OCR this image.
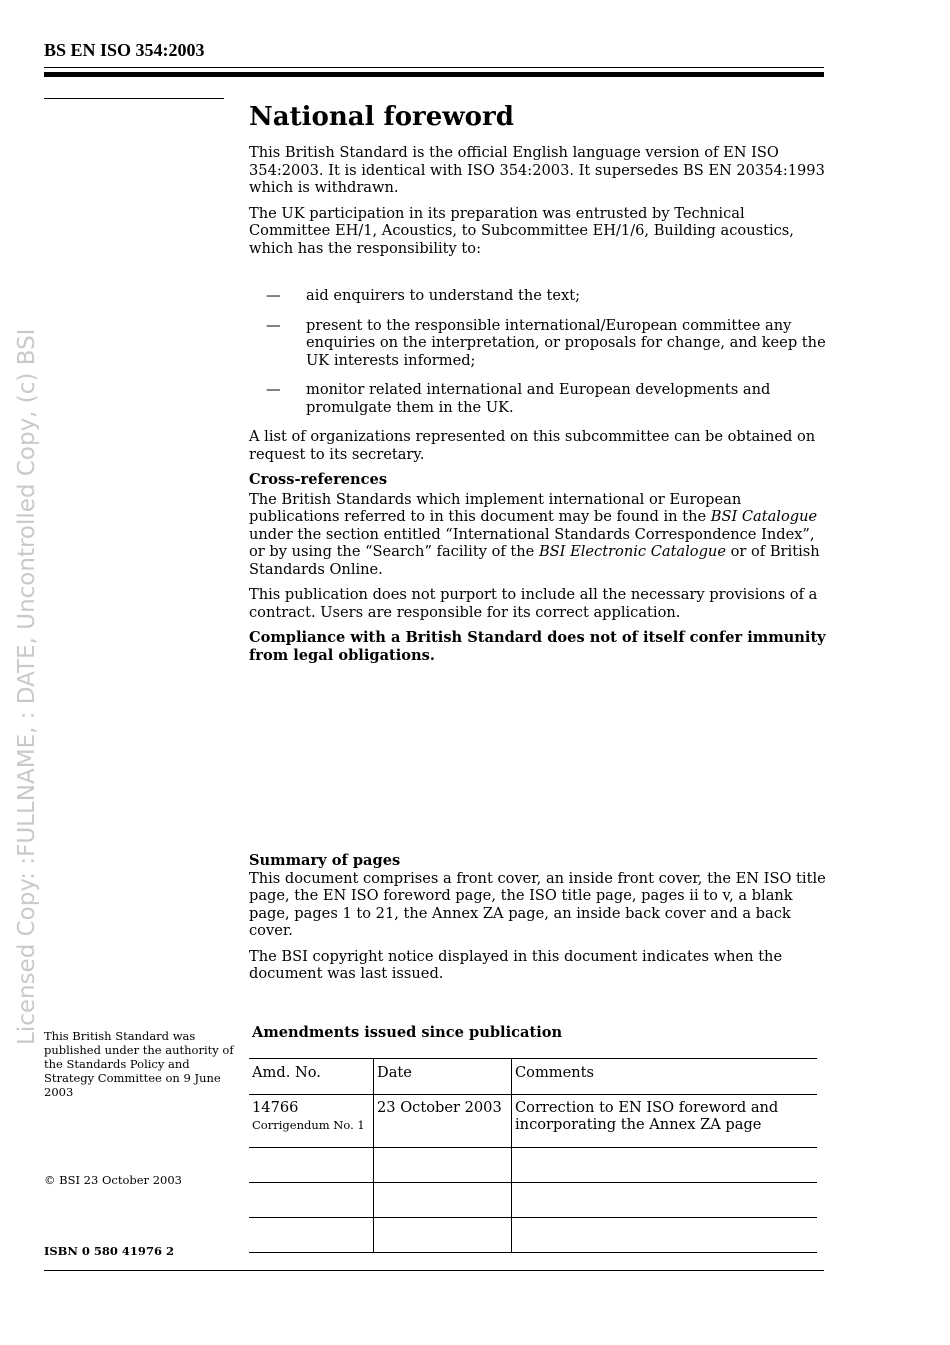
BS EN ISO 354:2003
Licensed Copy: :FULLNAME, : DATE, Uncontrolled Copy, (c) BSI
National foreword

This British Standard is the official English language version of EN ISO 354:2003. It is identical with ISO 354:2003. It supersedes BS EN 20354:1993 which is withdrawn.

The UK participation in its preparation was entrusted by Technical Committee EH/1, Acoustics, to Subcommittee EH/1/6, Building acoustics, which has the responsibility to:

—	aid enquirers to understand the text;
—	present to the responsible international/European committee any enquiries on the interpretation, or proposals for change, and keep the UK interests informed;
—	monitor related international and European developments and promulgate them in the UK.

A list of organizations represented on this subcommittee can be obtained on request to its secretary.

Cross-references

The British Standards which implement international or European publications referred to in this document may be found in the BSI Catalogue under the section entitled “International Standards Correspondence Index”, or by using the “Search” facility of the BSI Electronic Catalogue or of British Standards Online.

This publication does not purport to include all the necessary provisions of a contract. Users are responsible for its correct application.

Compliance with a British Standard does not of itself confer immunity from legal obligations.

Summary of pages

This document comprises a front cover, an inside front cover, the EN ISO title page, the EN ISO foreword page, the ISO title page, pages ii to v, a blank page, pages 1 to 21, the Annex ZA page, an inside back cover and a back cover.

The BSI copyright notice displayed in this document indicates when the document was last issued.

This British Standard was published under the authority of the Standards Policy and Strategy Committee on 9 June 2003
© BSI 23 October 2003
ISBN 0 580 41976 2
Amendments issued since publication
Amd. No.	Date	Comments
14766
Corrigendum No. 1	23 October 2003	Correction to EN ISO foreword and incorporating the Annex ZA page
